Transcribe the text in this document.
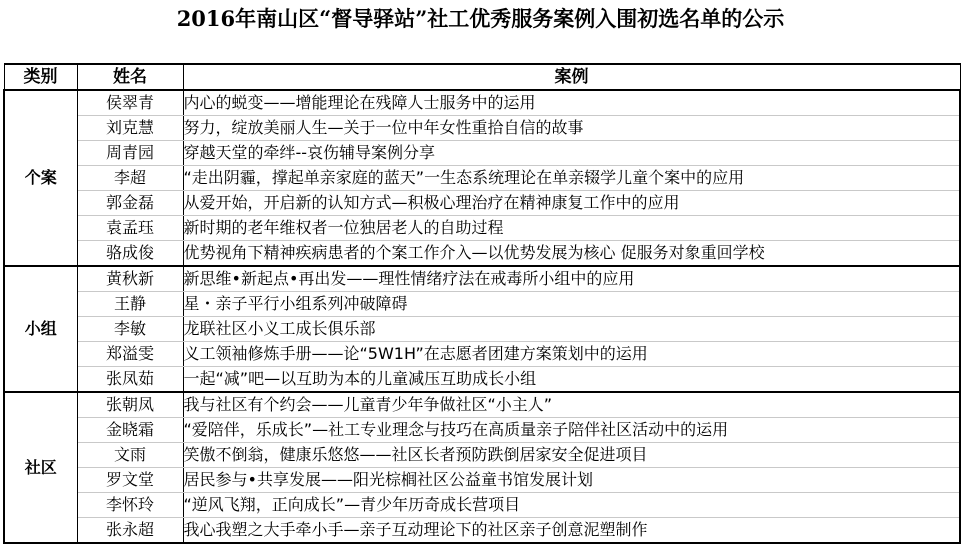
2016年南山区“督导驿站”社工优秀服务案例入围初选名单的公示
类别	姓名	案例
个案	侯翠青	内心的蜕变——增能理论在残障人士服务中的运用
	刘克慧	努力，绽放美丽人生—关于一位中年女性重拾自信的故事
	周青园	穿越天堂的牵绊--哀伤辅导案例分享
	李超	“走出阴霾，撑起单亲家庭的蓝天”一生态系统理论在单亲辍学儿童个案中的应用
	郭金磊	从爱开始，开启新的认知方式—积极心理治疗在精神康复工作中的应用
	袁孟珏	新时期的老年维权者一位独居老人的自助过程
	骆成俊	优势视角下精神疾病患者的个案工作介入—以优势发展为核心 促服务对象重回学校
小组	黄秋新	新思维•新起点•再出发——理性情绪疗法在戒毒所小组中的应用
	王静	星・亲子平行小组系列冲破障碍
	李敏	龙联社区小义工成长俱乐部
	郑溢雯	义工领袖修炼手册——论“5W1H”在志愿者团建方案策划中的运用
	张凤茹	一起“减”吧—以互助为本的儿童减压互助成长小组
社区	张朝凤	我与社区有个约会——儿童青少年争做社区“小主人”
	金晓霜	“爱陪伴，乐成长”—社工专业理念与技巧在高质量亲子陪伴社区活动中的运用
	文雨	笑傲不倒翁，健康乐悠悠——社区长者预防跌倒居家安全促进项目
	罗文堂	居民参与•共享发展——阳光棕榈社区公益童书馆发展计划
	李怀玲	“逆风飞翔，正向成长”—青少年历奇成长营项目
	张永超	我心我塑之大手牵小手—亲子互动理论下的社区亲子创意泥塑制作
